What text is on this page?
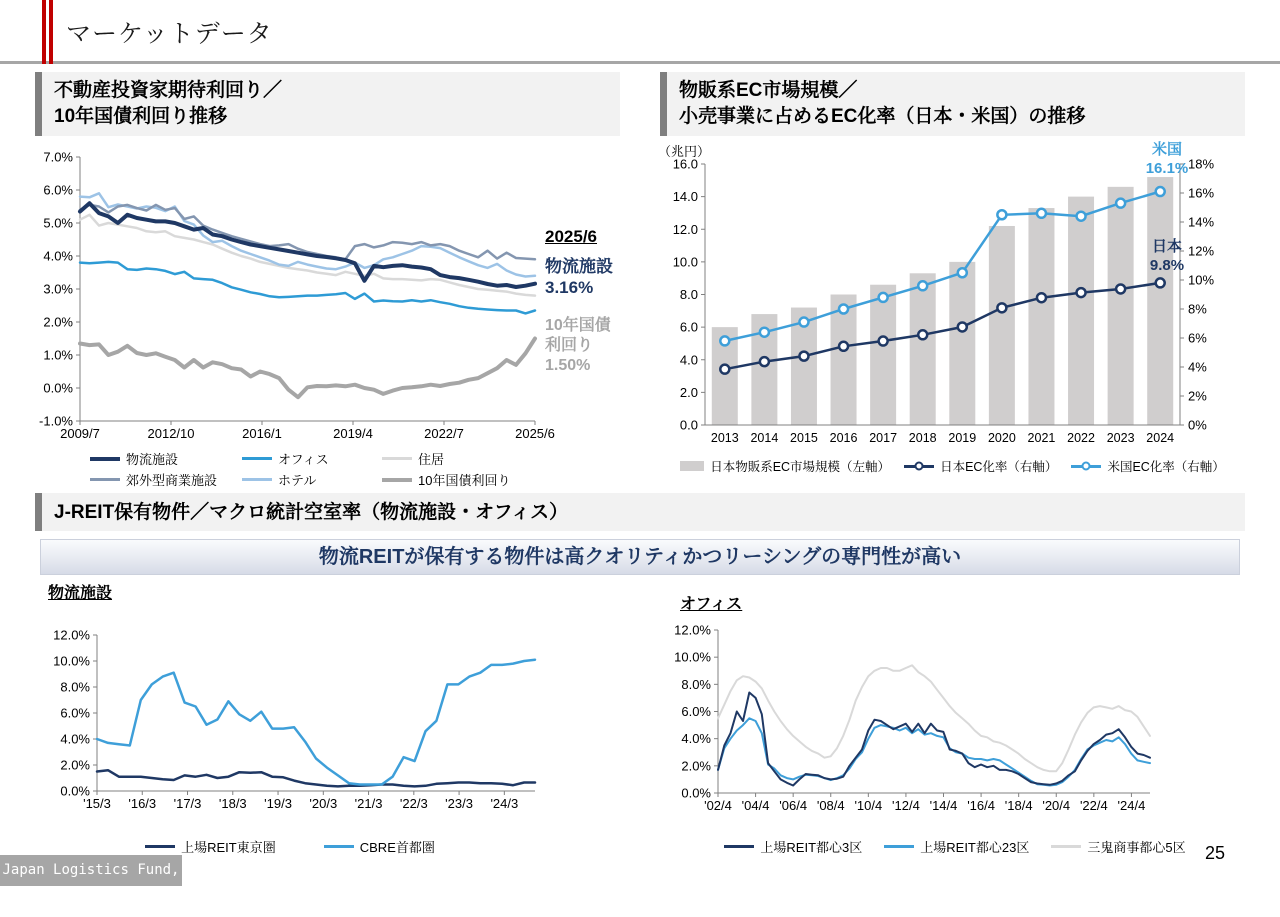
マーケットデータ
不動産投資家期待利回り／
10年国債利回り推移
物販系EC市場規模／
小売事業に占めるEC化率（日本・米国）の推移
7.0%
6.0%
5.0%
4.0%
3.0%
2.0%
1.0%
0.0%
-1.0%
2009/7	2012/10	2016/1	2019/4	2022/7	2025/6
2025/6
物流施設
3.16%
10年国債
利回り
1.50%
物流施設	オフィス	住居
郊外型商業施設	ホテル	10年国債利回り
（兆円）
16.0
14.0
12.0
10.0
8.0
6.0
4.0
2.0
0.0
18%
16%
14%
12%
10%
8%
6%
4%
2%
0%
2013 2014 2015 2016 2017 2018 2019 2020 2021 2022 2023 2024
米国
16.1%
日本
9.8%
日本物販系EC市場規模（左軸）	日本EC化率（右軸）	米国EC化率（右軸）
J-REIT保有物件／マクロ統計空室率（物流施設・オフィス）
物流REITが保有する物件は高クオリティかつリーシングの専門性が高い
物流施設
オフィス
12.0%
10.0%
8.0%
6.0%
4.0%
2.0%
0.0%
'15/3 '16/3 '17/3 '18/3 '19/3 '20/3 '21/3 '22/3 '23/3 '24/3
12.0%
10.0%
8.0%
6.0%
4.0%
2.0%
0.0%
'02/4 '04/4 '06/4 '08/4 '10/4 '12/4 '14/4 '16/4 '18/4 '20/4 '22/4 '24/4
上場REIT東京圏	CBRE首都圏	上場REIT都心3区	上場REIT都心23区	三鬼商事都心5区
Japan Logistics Fund, Inc.
25
